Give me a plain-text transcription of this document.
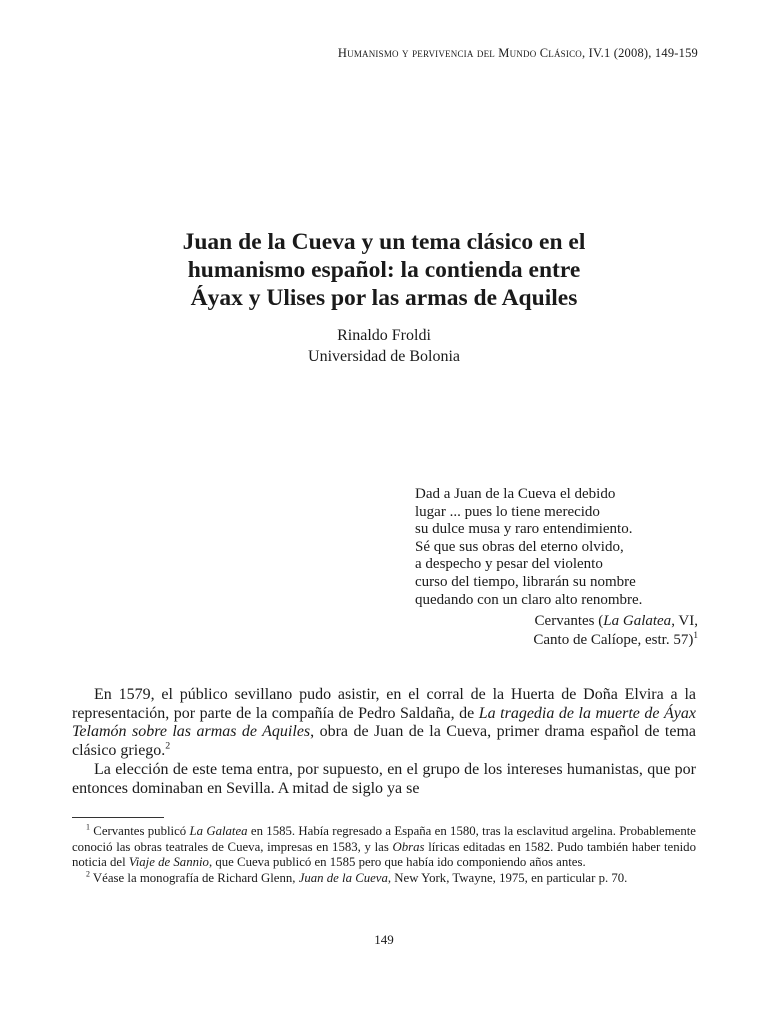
Humanismo y pervivencia del Mundo Clásico, IV.1 (2008), 149-159
Juan de la Cueva y un tema clásico en el
humanismo español: la contienda entre
Áyax y Ulises por las armas de Aquiles
Rinaldo Froldi
Universidad de Bolonia
Dad a Juan de la Cueva el debido
lugar ... pues lo tiene merecido
su dulce musa y raro entendimiento.
Sé que sus obras del eterno olvido,
a despecho y pesar del violento
curso del tiempo, librarán su nombre
quedando con un claro alto renombre.
Cervantes (La Galatea, VI,
Canto de Calíope, estr. 57)$^1$

En 1579, el público sevillano pudo asistir, en el corral de la Huerta de Doña Elvira a la representación, por parte de la compañía de Pedro Saldaña, de La tragedia de la muerte de Áyax Telamón sobre las armas de Aquiles, obra de Juan de la Cueva, primer drama español de tema clásico griego.$^2$

La elección de este tema entra, por supuesto, en el grupo de los intereses humanistas, que por entonces dominaban en Sevilla. A mitad de siglo ya se

$^1$ Cervantes publicó La Galatea en 1585. Había regresado a España en 1580, tras la esclavitud argelina. Probablemente conoció las obras teatrales de Cueva, impresas en 1583, y las Obras líricas editadas en 1582. Pudo también haber tenido noticia del Viaje de Sannio, que Cueva publicó en 1585 pero que había ido componiendo años antes.

$^2$ Véase la monografía de Richard Glenn, Juan de la Cueva, New York, Twayne, 1975, en particular p. 70.

149
